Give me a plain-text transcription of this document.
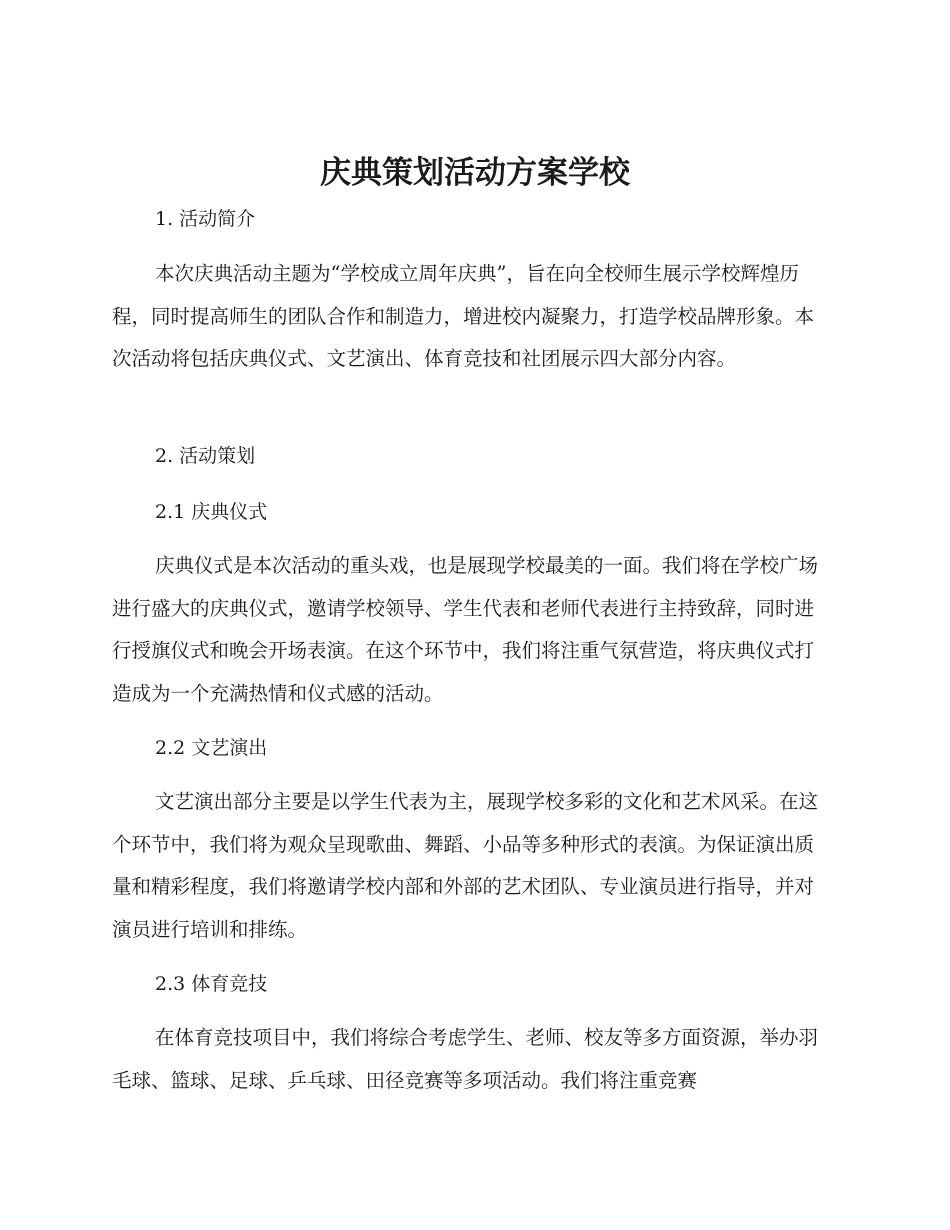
庆典策划活动方案学校
1. 活动简介

本次庆典活动主题为“学校成立周年庆典”，旨在向全校师生展示学校辉煌历程，同时提高师生的团队合作和制造力，增进校内凝聚力，打造学校品牌形象。本次活动将包括庆典仪式、文艺演出、体育竞技和社团展示四大部分内容。

2. 活动策划
2.1 庆典仪式

庆典仪式是本次活动的重头戏，也是展现学校最美的一面。我们将在学校广场进行盛大的庆典仪式，邀请学校领导、学生代表和老师代表进行主持致辞，同时进行授旗仪式和晚会开场表演。在这个环节中，我们将注重气氛营造，将庆典仪式打造成为一个充满热情和仪式感的活动。

2.2 文艺演出

文艺演出部分主要是以学生代表为主，展现学校多彩的文化和艺术风采。在这个环节中，我们将为观众呈现歌曲、舞蹈、小品等多种形式的表演。为保证演出质量和精彩程度，我们将邀请学校内部和外部的艺术团队、专业演员进行指导，并对演员进行培训和排练。

2.3 体育竞技

在体育竞技项目中，我们将综合考虑学生、老师、校友等多方面资源，举办羽毛球、篮球、足球、乒乓球、田径竞赛等多项活动。我们将注重竞赛
